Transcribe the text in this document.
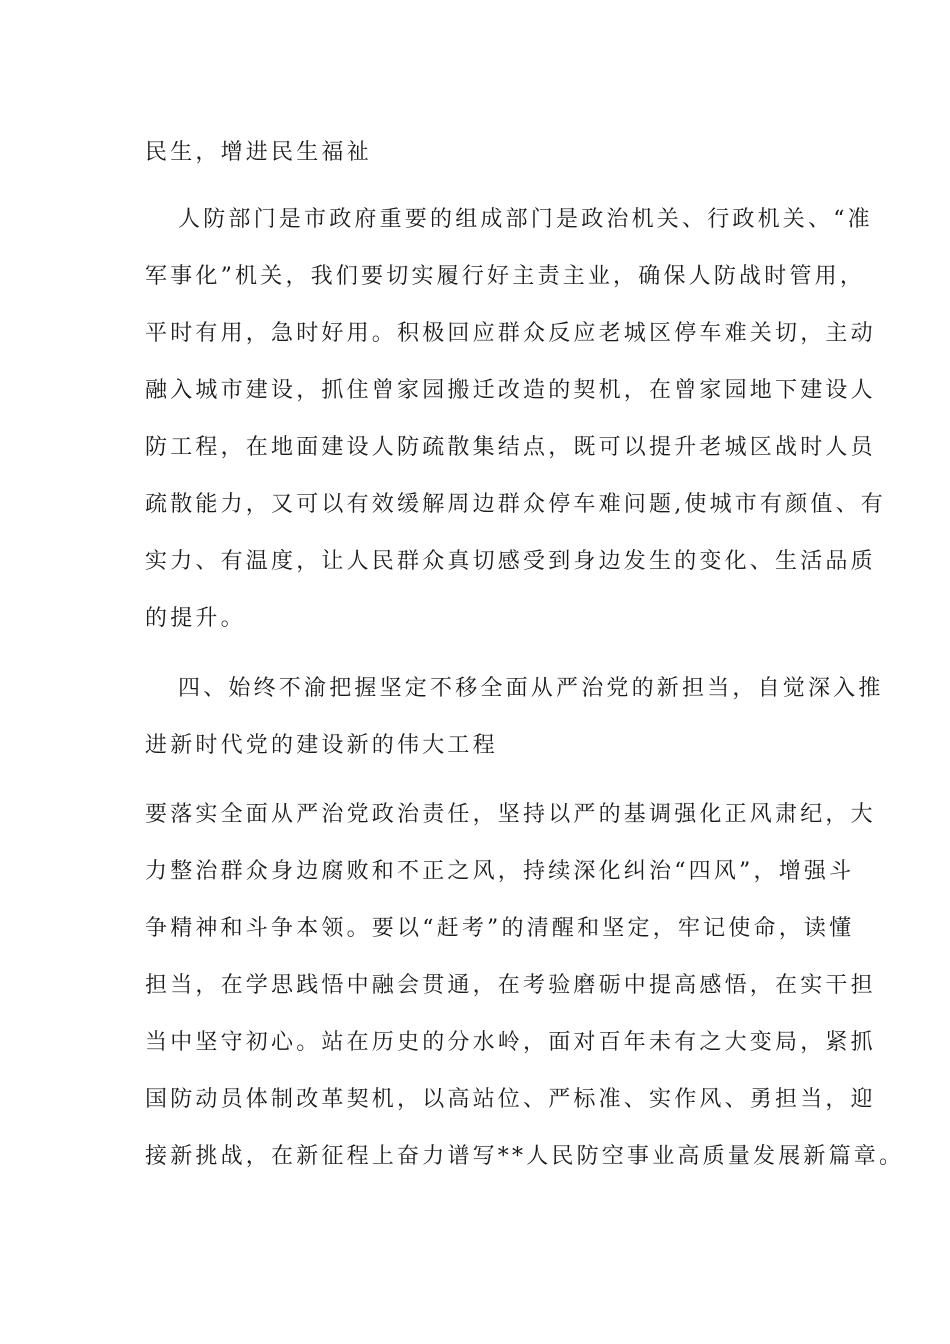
民生，增进民生福祉

人防部门是市政府重要的组成部门是政治机关、行政机关、“准

军事化”机关，我们要切实履行好主责主业，确保人防战时管用，

平时有用，急时好用。积极回应群众反应老城区停车难关切，主动

融入城市建设，抓住曾家园搬迁改造的契机，在曾家园地下建设人

防工程，在地面建设人防疏散集结点，既可以提升老城区战时人员

疏散能力，又可以有效缓解周边群众停车难问题,使城市有颜值、有

实力、有温度，让人民群众真切感受到身边发生的变化、生活品质

的提升。

四、始终不渝把握坚定不移全面从严治党的新担当，自觉深入推

进新时代党的建设新的伟大工程

要落实全面从严治党政治责任，坚持以严的基调强化正风肃纪，大

力整治群众身边腐败和不正之风，持续深化纠治“四风”，增强斗

争精神和斗争本领。要以“赶考”的清醒和坚定，牢记使命，读懂

担当，在学思践悟中融会贯通，在考验磨砺中提高感悟，在实干担

当中坚守初心。站在历史的分水岭，面对百年未有之大变局，紧抓

国防动员体制改革契机，以高站位、严标准、实作风、勇担当，迎

接新挑战，在新征程上奋力谱写**人民防空事业高质量发展新篇章。
